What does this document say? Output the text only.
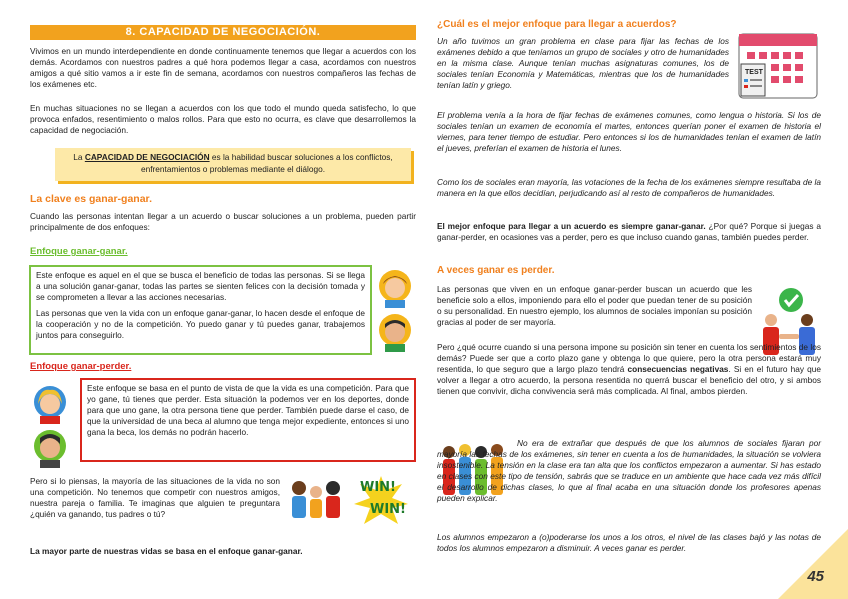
8. CAPACIDAD DE NEGOCIACIÓN.

Vivimos en un mundo interdependiente en donde continuamente tenemos que llegar a acuerdos con los demás. Acordamos con nuestros padres a qué hora podemos llegar a casa, acordamos con nuestros amigos a qué sitio vamos a ir este fin de semana, acordamos con nuestros compañeros las fechas de los exámenes etc.

En muchas situaciones no se llegan a acuerdos con los que todo el mundo queda satisfecho, lo que provoca enfados, resentimiento o malos rollos. Para que esto no ocurra, es clave que desarrollemos la capacidad de negociación.

La CAPACIDAD DE NEGOCIACIÓN es la habilidad buscar soluciones a los conflictos, enfrentamientos o problemas mediante el diálogo.
La clave es ganar-ganar.

Cuando las personas intentan llegar a un acuerdo o buscar soluciones a un problema, pueden partir principalmente de dos enfoques:

Enfoque ganar-ganar.

Este enfoque es aquel en el que se busca el beneficio de todas las personas. Si se llega a una solución ganar-ganar, todas las partes se sienten felices con la decisión tomada y se comprometen a llevar a las acciones necesarias.

Las personas que ven la vida con un enfoque ganar-ganar, lo hacen desde el enfoque de la cooperación y no de la competición. Yo puedo ganar y tú puedes ganar, trabajemos juntos para conseguirlo.

Enfoque ganar-perder.

Este enfoque se basa en el punto de vista de que la vida es una competición. Para que yo gane, tú tienes que perder. Esta situación la podemos ver en los deportes, donde para que uno gane, la otra persona tiene que perder. También puede darse el caso, de que la universidad de una beca al alumno que tenga mejor expediente, entonces si uno gana la beca, los demás no podrán hacerlo.

Pero si lo piensas, la mayoría de las situaciones de la vida no son una competición. No tenemos que competir con nuestros amigos, nuestra pareja o familia. Te imaginas que alguien te preguntara ¿quién va ganando, tus padres o tú?

WIN!
WIN!

La mayor parte de nuestras vidas se basa en el enfoque ganar-ganar.

¿Cuál es el mejor enfoque para llegar a acuerdos?

Un año tuvimos un gran problema en clase para fijar las fechas de los exámenes debido a que teníamos un grupo de sociales y otro de humanidades en la misma clase. Aunque tenían muchas asignaturas comunes, los de sociales tenían Economía y Matemáticas, mientras que los de humanidades tenían latín y griego.

TEST

El problema venía a la hora de fijar fechas de exámenes comunes, como lengua o historia. Si los de sociales tenían un examen de economía el martes, entonces querían poner el examen de historia el viernes, para tener tiempo de estudiar. Pero entonces si los de humanidades tenían el examen de latín el jueves, preferían el examen de historia el lunes.

Como los de sociales eran mayoría, las votaciones de la fecha de los exámenes siempre resultaba de la manera en la que ellos decidían, perjudicando así al resto de compañeros de humanidades.

El mejor enfoque para llegar a un acuerdo es siempre ganar-ganar. ¿Por qué? Porque si juegas a ganar-perder, en ocasiones vas a perder, pero es que incluso cuando ganas, también puedes perder.

A veces ganar es perder.

Las personas que viven en un enfoque ganar-perder buscan un acuerdo que les beneficie solo a ellos, imponiendo para ello el poder que puedan tener de su posición o su personalidad. En nuestro ejemplo, los alumnos de sociales imponían su posición gracias al poder de ser mayoría.

Pero ¿qué ocurre cuando si una persona impone su posición sin tener en cuenta los sentimientos de los demás? Puede ser que a corto plazo gane y obtenga lo que quiere, pero la otra persona estará muy resentida, lo que seguro que a largo plazo tendrá consecuencias negativas. Si en el futuro hay que volver a llegar a otro acuerdo, la persona resentida no querrá buscar el beneficio del otro, y si ambos tienen que convivir, dicha convivencia será más complicada. Al final, ambos pierden.

No era de extrañar que después de que los alumnos de sociales fijaran por mayoría las fechas de los exámenes, sin tener en cuenta a los de humanidades, la situación se volviera insostenible. La tensión en la clase era tan alta que los conflictos empezaron a aumentar. Si has estado en clases con este tipo de tensión, sabrás que se traduce en un ambiente que hace cada vez más difícil el desarrollo de dichas clases, lo que al final acaba en una situación donde los profesores apenas pueden explicar.

Los alumnos empezaron a (o)poderarse los unos a los otros, el nivel de las clases bajó y las notas de todos los alumnos empezaron a disminuir. A veces ganar es perder.

45
